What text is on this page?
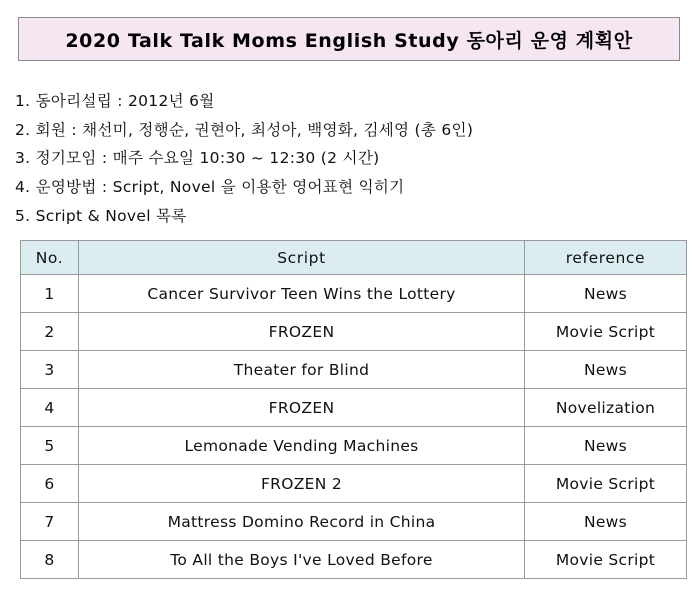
2020 Talk Talk Moms English Study 동아리 운영 계획안
1. 동아리설립 : 2012년 6월
2. 회원 : 채선미, 정행순, 권현아, 최성아, 백영화, 김세영 (총 6인)
3. 정기모임 : 매주 수요일 10:30 ~ 12:30 (2 시간)
4. 운영방법 : Script, Novel 을 이용한 영어표현 익히기
5. Script & Novel 목록
No.	Script	reference
1	Cancer Survivor Teen Wins the Lottery	News
2	FROZEN	Movie Script
3	Theater for Blind	News
4	FROZEN	Novelization
5	Lemonade Vending Machines	News
6	FROZEN 2	Movie Script
7	Mattress Domino Record in China	News
8	To All the Boys I've Loved Before	Movie Script
